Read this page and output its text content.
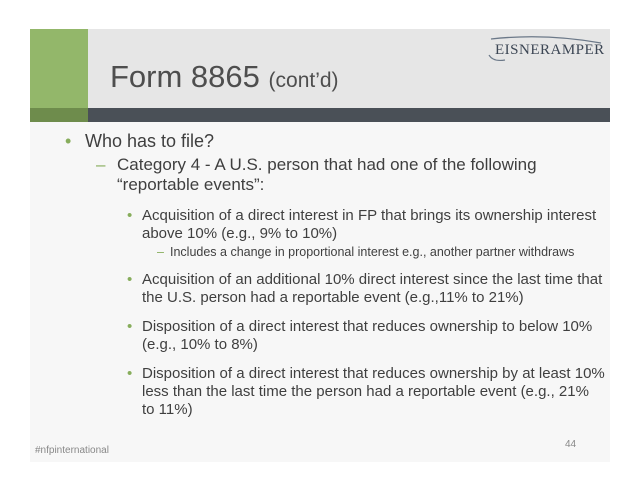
Form 8865 (cont’d)
EISNERAMPER
• Who has to file?
– Category 4 - A U.S. person that had one of the following “reportable events”:
• Acquisition of a direct interest in FP that brings its ownership interest above 10% (e.g., 9% to 10%)
– Includes a change in proportional interest e.g., another partner withdraws
• Acquisition of an additional 10% direct interest since the last time that the U.S. person had a reportable event (e.g.,11% to 21%)
• Disposition of a direct interest that reduces ownership to below 10% (e.g., 10% to 8%)
• Disposition of a direct interest that reduces ownership by at least 10% less than the last time the person had a reportable event (e.g., 21% to 11%)
#nfpinternational
44
